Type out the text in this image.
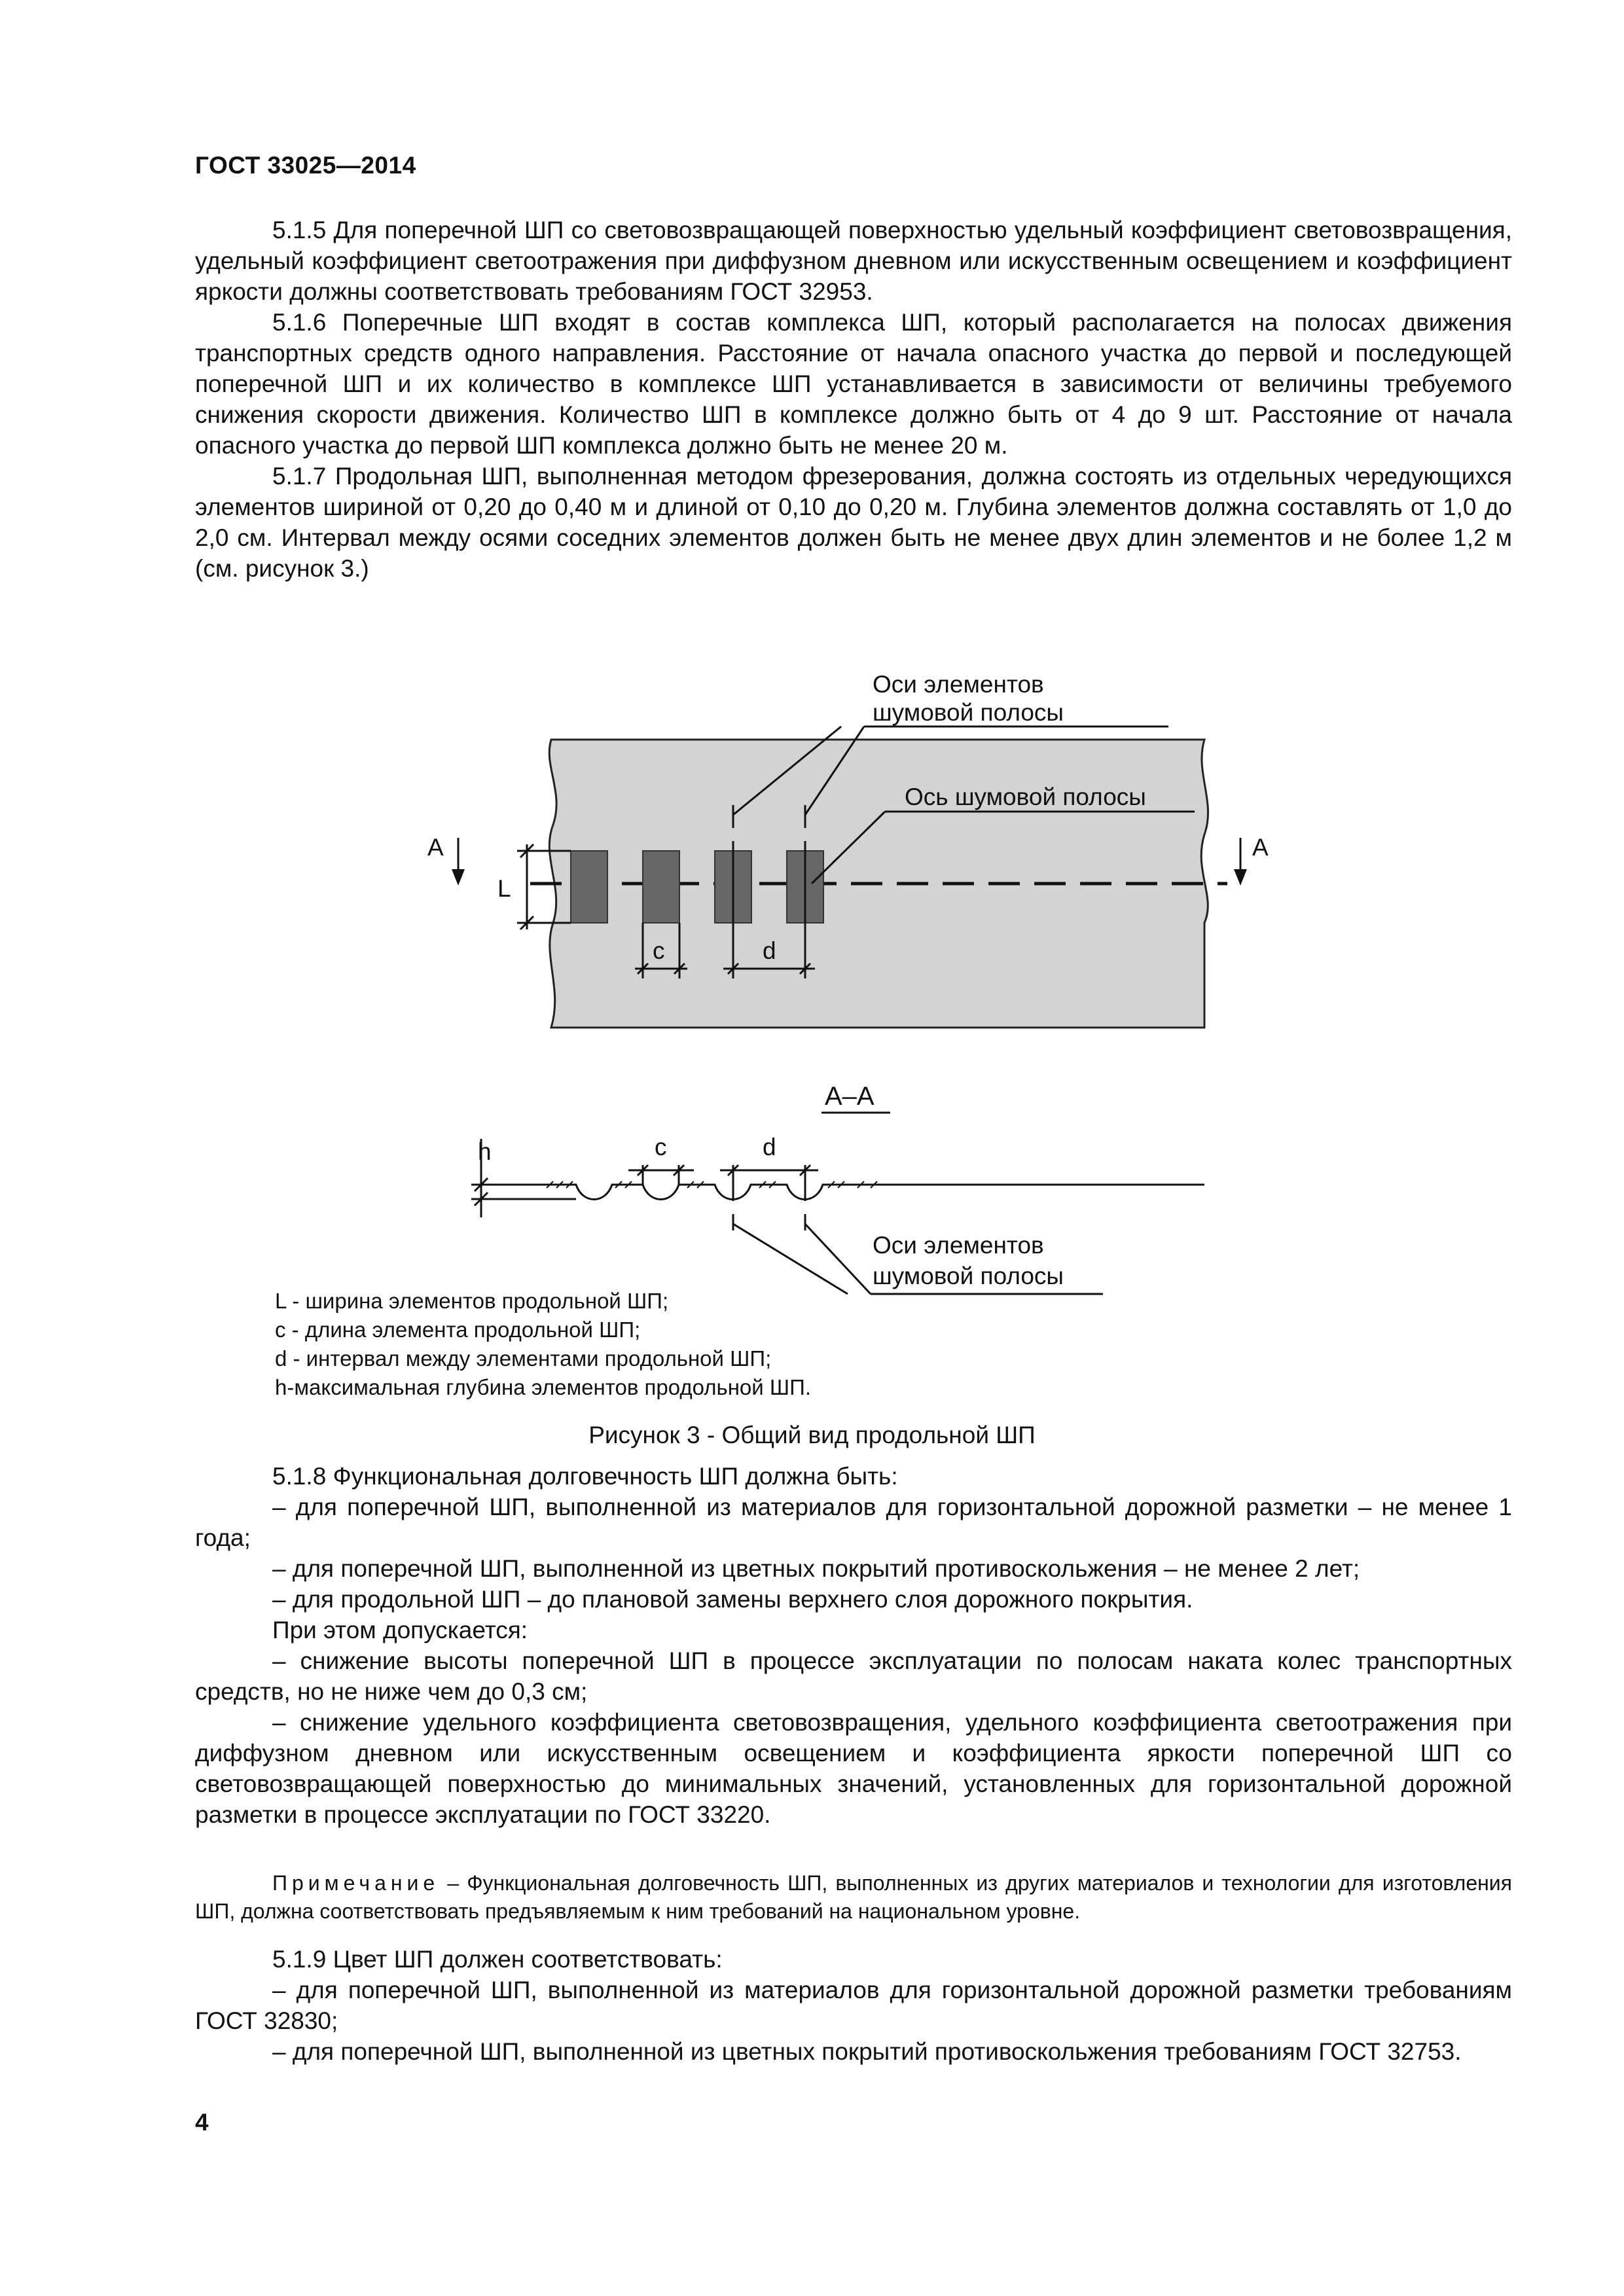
ГОСТ 33025—2014

5.1.5 Для поперечной ШП со световозвращающей поверхностью удельный коэффициент световозвращения, удельный коэффициент светоотражения при диффузном дневном или искусственным освещением и коэффициент яркости должны соответствовать требованиям ГОСТ 32953.

5.1.6 Поперечные ШП входят в состав комплекса ШП, который располагается на полосах движения транспортных средств одного направления. Расстояние от начала опасного участка до первой и последующей поперечной ШП и их количество в комплексе ШП устанавливается в зависимости от величины требуемого снижения скорости движения. Количество ШП в комплексе должно быть от 4 до 9 шт. Расстояние от начала опасного участка до первой ШП комплекса должно быть не менее 20 м.

5.1.7 Продольная ШП, выполненная методом фрезерования, должна состоять из отдельных чередующихся элементов шириной от 0,20 до 0,40 м и длиной от 0,10 до 0,20 м. Глубина элементов должна составлять от 1,0 до 2,0 см. Интервал между осями соседних элементов должен быть не менее двух длин элементов и не более 1,2 м (см. рисунок 3.)

Оси элементов
шумовой полосы
Ось шумовой полосы
A	A
L
c	d
A–A
h	c	d
Оси элементов
шумовой полосы
L - ширина элементов продольной ШП;
c - длина элемента продольной ШП;
d - интервал между элементами продольной ШП;
h-максимальная глубина элементов продольной ШП.
Рисунок 3 - Общий вид продольной ШП

5.1.8 Функциональная долговечность ШП должна быть:

– для поперечной ШП, выполненной из материалов для горизонтальной дорожной разметки – не менее 1 года;

– для поперечной ШП, выполненной из цветных покрытий противоскольжения – не менее 2 лет;

– для продольной ШП – до плановой замены верхнего слоя дорожного покрытия.

При этом допускается:

– снижение высоты поперечной ШП в процессе эксплуатации по полосам наката колес транспортных средств, но не ниже чем до 0,3 см;

– снижение удельного коэффициента световозвращения, удельного коэффициента светоотражения при диффузном дневном или искусственным освещением и коэффициента яркости поперечной ШП со световозвращающей поверхностью до минимальных значений, установленных для горизонтальной дорожной разметки в процессе эксплуатации по ГОСТ 33220.

Примечание – Функциональная долговечность ШП, выполненных из других материалов и технологии для изготовления ШП, должна соответствовать предъявляемым к ним требований на национальном уровне.

5.1.9 Цвет ШП должен соответствовать:

– для поперечной ШП, выполненной из материалов для горизонтальной дорожной разметки требованиям ГОСТ 32830;

– для поперечной ШП, выполненной из цветных покрытий противоскольжения требованиям ГОСТ 32753.

4
